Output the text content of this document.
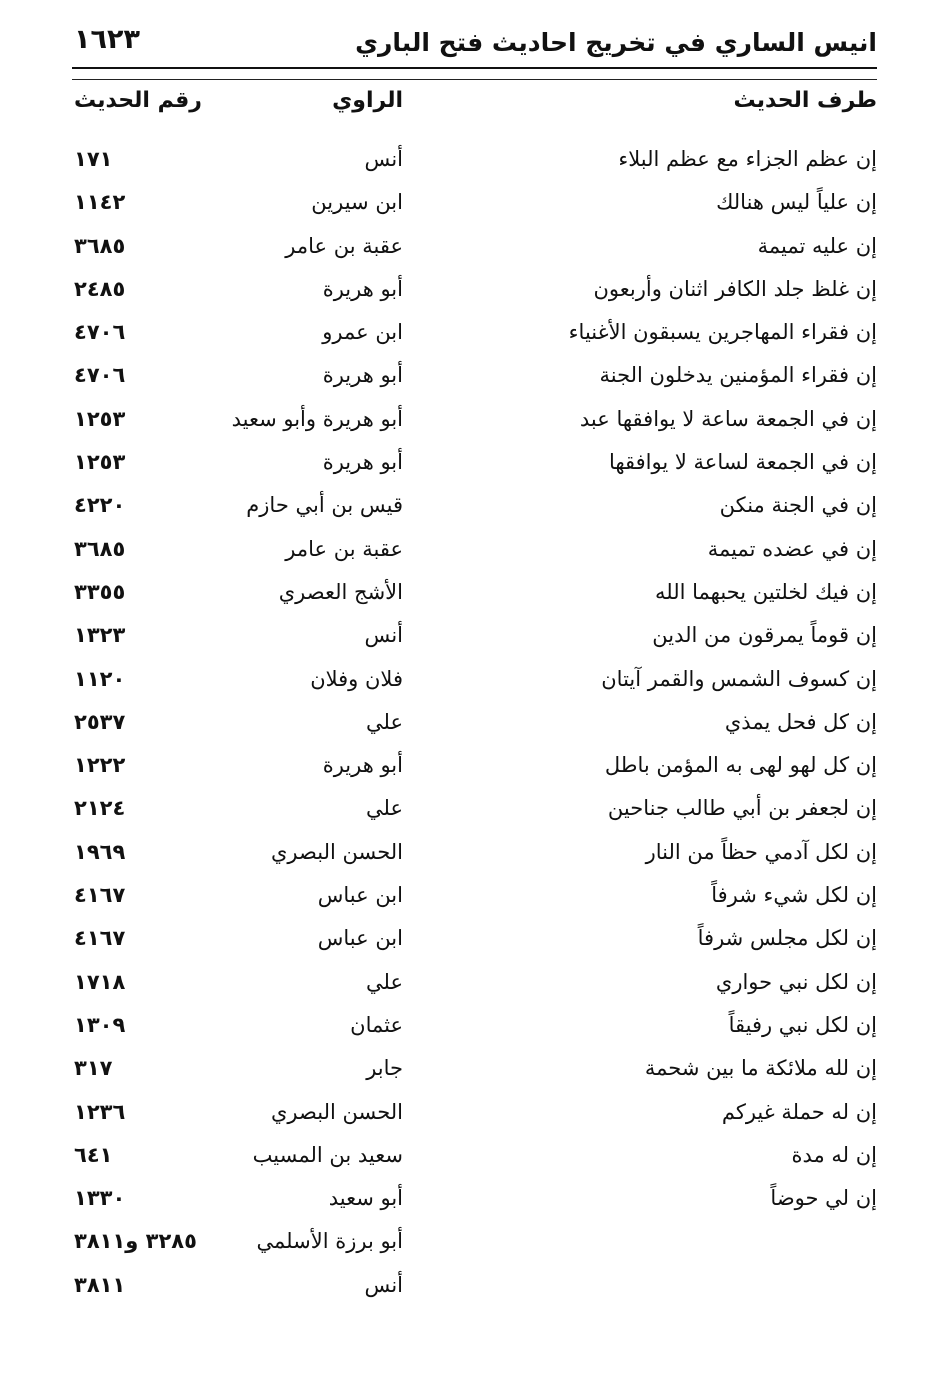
انيس الساري في تخريج احاديث فتح الباري
١٦٢٣
طرف الحديث
الراوي
رقم الحديث
إن عظم الجزاء مع عظم البلاء
أنس
١٧١
إن علياً ليس هنالك
ابن سيرين
١١٤٢
إن عليه تميمة
عقبة بن عامر
٣٦٨٥
إن غلظ جلد الكافر اثنان وأربعون
أبو هريرة
٢٤٨٥
إن فقراء المهاجرين يسبقون الأغنياء
ابن عمرو
٤٧٠٦
إن فقراء المؤمنين يدخلون الجنة
أبو هريرة
٤٧٠٦
إن في الجمعة ساعة لا يوافقها عبد
أبو هريرة وأبو سعيد
١٢٥٣
إن في الجمعة لساعة لا يوافقها
أبو هريرة
١٢٥٣
إن في الجنة منكن
قيس بن أبي حازم
٤٢٢٠
إن في عضده تميمة
عقبة بن عامر
٣٦٨٥
إن فيك لخلتين يحبهما الله
الأشج العصري
٣٣٥٥
إن قوماً يمرقون من الدين
أنس
١٣٢٣
إن كسوف الشمس والقمر آيتان
فلان وفلان
١١٢٠
إن كل فحل يمذي
علي
٢٥٣٧
إن كل لهو لهى به المؤمن باطل
أبو هريرة
١٢٢٢
إن لجعفر بن أبي طالب جناحين
علي
٢١٢٤
إن لكل آدمي حظاً من النار
الحسن البصري
١٩٦٩
إن لكل شيء شرفاً
ابن عباس
٤١٦٧
إن لكل مجلس شرفاً
ابن عباس
٤١٦٧
إن لكل نبي حواري
علي
١٧١٨
إن لكل نبي رفيقاً
عثمان
١٣٠٩
إن لله ملائكة ما بين شحمة
جابر
٣١٧
إن له حملة غيركم
الحسن البصري
١٢٣٦
إن له مدة
سعيد بن المسيب
٦٤١
إن لي حوضاً
أبو سعيد
١٣٣٠
أبو برزة الأسلمي
٣٢٨٥ و٣٨١١
أنس
٣٨١١
